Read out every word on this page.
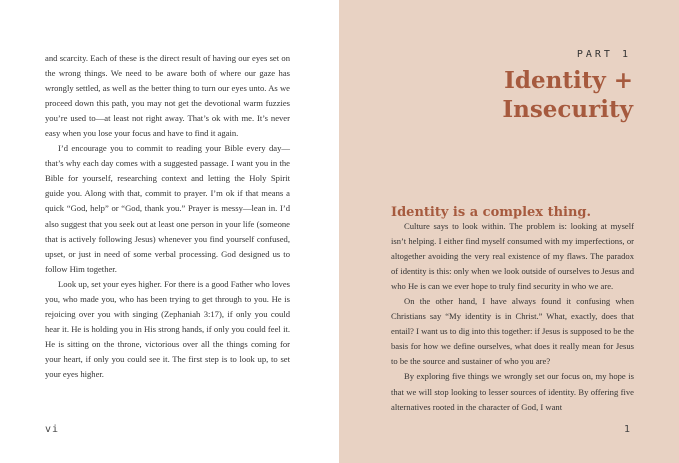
and scarcity. Each of these is the direct result of having our eyes set on the wrong things. We need to be aware both of where our gaze has wrongly settled, as well as the better thing to turn our eyes unto. As we proceed down this path, you may not get the devotional warm fuzzies you’re used to—at least not right away. That’s ok with me. It’s never easy when you lose your focus and have to find it again.

I’d encourage you to commit to reading your Bible every day—that’s why each day comes with a suggested passage. I want you in the Bible for yourself, researching context and letting the Holy Spirit guide you. Along with that, commit to prayer. I’m ok if that means a quick “God, help” or “God, thank you.” Prayer is messy—lean in. I’d also suggest that you seek out at least one person in your life (someone that is actively following Jesus) whenever you find yourself confused, upset, or just in need of some verbal processing. God designed us to follow Him together.

Look up, set your eyes higher. For there is a good Father who loves you, who made you, who has been trying to get through to you. He is rejoicing over you with singing (Zephaniah 3:17), if only you could hear it. He is holding you in His strong hands, if only you could feel it. He is sitting on the throne, victorious over all the things coming for your heart, if only you could see it. The first step is to look up, to set your eyes higher.

vi
PART 1
Identity +
Insecurity
1
Identity is a complex thing.

Culture says to look within. The problem is: looking at myself isn’t helping. I either find myself consumed with my imperfections, or altogether avoiding the very real existence of my flaws. The paradox of identity is this: only when we look outside of ourselves to Jesus and who He is can we ever hope to truly find security in who we are.

On the other hand, I have always found it confusing when Christians say “My identity is in Christ.” What, exactly, does that entail? I want us to dig into this together: if Jesus is supposed to be the basis for how we define ourselves, what does it really mean for Jesus to be the source and sustainer of who you are?

By exploring five things we wrongly set our focus on, my hope is that we will stop looking to lesser sources of identity. By offering five alternatives rooted in the character of God, I want
